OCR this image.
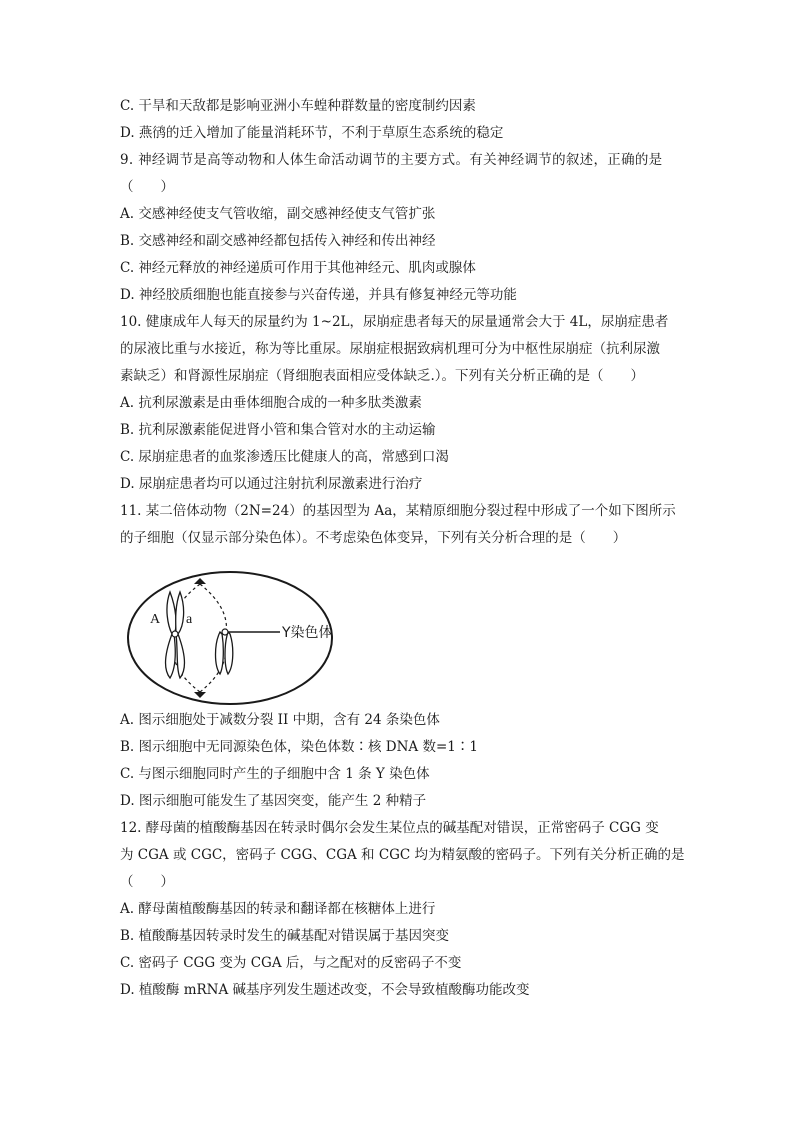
C. 干旱和天敌都是影响亚洲小车蝗种群数量的密度制约因素
D. 燕鸻的迁入增加了能量消耗环节，不利于草原生态系统的稳定
9. 神经调节是高等动物和人体生命活动调节的主要方式。有关神经调节的叙述，正确的是
（　　）
A. 交感神经使支气管收缩，副交感神经使支气管扩张
B. 交感神经和副交感神经都包括传入神经和传出神经
C. 神经元释放的神经递质可作用于其他神经元、肌肉或腺体
D. 神经胶质细胞也能直接参与兴奋传递，并具有修复神经元等功能
10. 健康成年人每天的尿量约为 1~2L，尿崩症患者每天的尿量通常会大于 4L，尿崩症患者
的尿液比重与水接近，称为等比重尿。尿崩症根据致病机理可分为中枢性尿崩症（抗利尿激
素缺乏）和肾源性尿崩症（肾细胞表面相应受体缺乏.）。下列有关分析正确的是（　　）
A. 抗利尿激素是由垂体细胞合成的一种多肽类激素
B. 抗利尿激素能促进肾小管和集合管对水的主动运输
C. 尿崩症患者的血浆渗透压比健康人的高，常感到口渴
D. 尿崩症患者均可以通过注射抗利尿激素进行治疗
11. 某二倍体动物（2N=24）的基因型为 Aa，某精原细胞分裂过程中形成了一个如下图所示
的子细胞（仅显示部分染色体）。不考虑染色体变异，下列有关分析合理的是（　　）
A a
Y染色体
A. 图示细胞处于减数分裂 II 中期，含有 24 条染色体
B. 图示细胞中无同源染色体，染色体数∶核 DNA 数=1∶1
C. 与图示细胞同时产生的子细胞中含 1 条 Y 染色体
D. 图示细胞可能发生了基因突变，能产生 2 种精子
12. 酵母菌的植酸酶基因在转录时偶尔会发生某位点的碱基配对错误，正常密码子 CGG 变
为 CGA 或 CGC，密码子 CGG、CGA 和 CGC 均为精氨酸的密码子。下列有关分析正确的是
（　　）
A. 酵母菌植酸酶基因的转录和翻译都在核糖体上进行
B. 植酸酶基因转录时发生的碱基配对错误属于基因突变
C. 密码子 CGG 变为 CGA 后，与之配对的反密码子不变
D. 植酸酶 mRNA 碱基序列发生题述改变，不会导致植酸酶功能改变
